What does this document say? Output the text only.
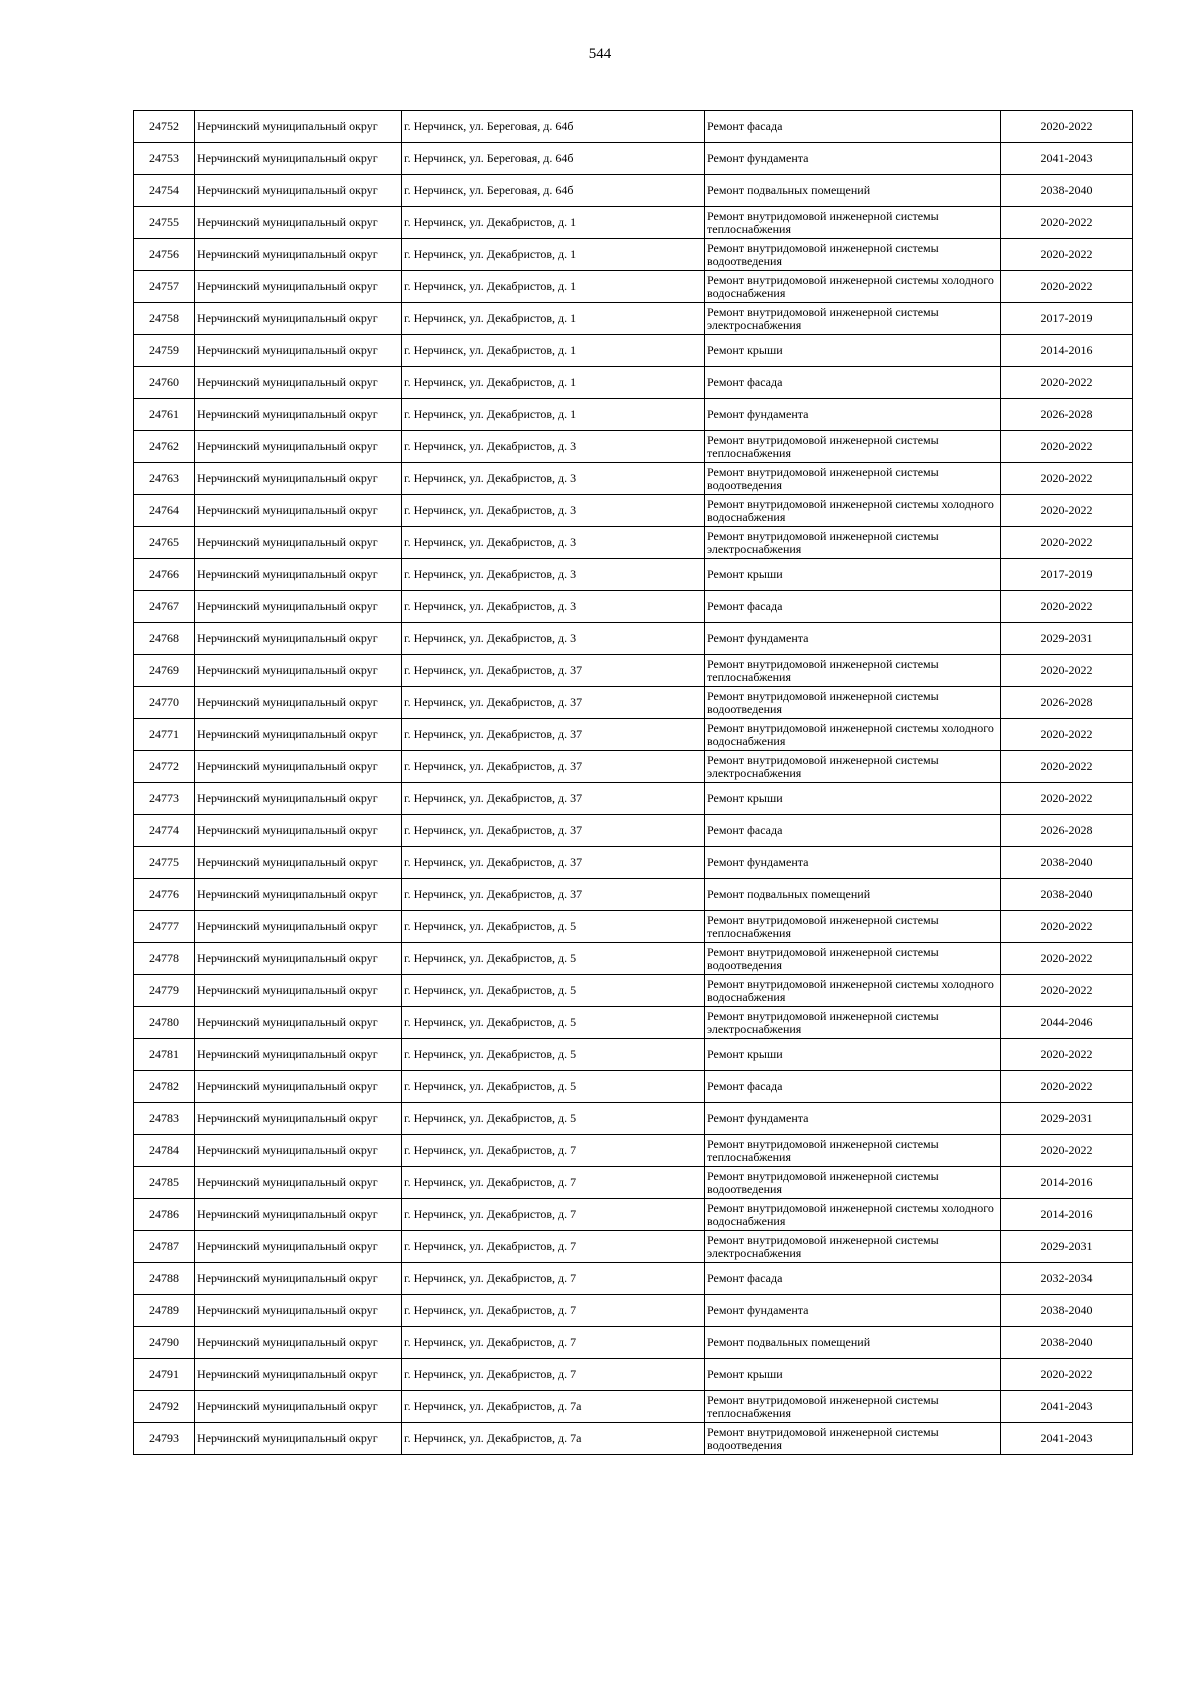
544
24752	Нерчинский муниципальный округ	г. Нерчинск, ул. Береговая, д. 64б	Ремонт фасада	2020-2022
24753	Нерчинский муниципальный округ	г. Нерчинск, ул. Береговая, д. 64б	Ремонт фундамента	2041-2043
24754	Нерчинский муниципальный округ	г. Нерчинск, ул. Береговая, д. 64б	Ремонт подвальных помещений	2038-2040
24755	Нерчинский муниципальный округ	г. Нерчинск, ул. Декабристов, д. 1	Ремонт внутридомовой инженерной системы теплоснабжения	2020-2022
24756	Нерчинский муниципальный округ	г. Нерчинск, ул. Декабристов, д. 1	Ремонт внутридомовой инженерной системы водоотведения	2020-2022
24757	Нерчинский муниципальный округ	г. Нерчинск, ул. Декабристов, д. 1	Ремонт внутридомовой инженерной системы холодного водоснабжения	2020-2022
24758	Нерчинский муниципальный округ	г. Нерчинск, ул. Декабристов, д. 1	Ремонт внутридомовой инженерной системы электроснабжения	2017-2019
24759	Нерчинский муниципальный округ	г. Нерчинск, ул. Декабристов, д. 1	Ремонт крыши	2014-2016
24760	Нерчинский муниципальный округ	г. Нерчинск, ул. Декабристов, д. 1	Ремонт фасада	2020-2022
24761	Нерчинский муниципальный округ	г. Нерчинск, ул. Декабристов, д. 1	Ремонт фундамента	2026-2028
24762	Нерчинский муниципальный округ	г. Нерчинск, ул. Декабристов, д. 3	Ремонт внутридомовой инженерной системы теплоснабжения	2020-2022
24763	Нерчинский муниципальный округ	г. Нерчинск, ул. Декабристов, д. 3	Ремонт внутридомовой инженерной системы водоотведения	2020-2022
24764	Нерчинский муниципальный округ	г. Нерчинск, ул. Декабристов, д. 3	Ремонт внутридомовой инженерной системы холодного водоснабжения	2020-2022
24765	Нерчинский муниципальный округ	г. Нерчинск, ул. Декабристов, д. 3	Ремонт внутридомовой инженерной системы электроснабжения	2020-2022
24766	Нерчинский муниципальный округ	г. Нерчинск, ул. Декабристов, д. 3	Ремонт крыши	2017-2019
24767	Нерчинский муниципальный округ	г. Нерчинск, ул. Декабристов, д. 3	Ремонт фасада	2020-2022
24768	Нерчинский муниципальный округ	г. Нерчинск, ул. Декабристов, д. 3	Ремонт фундамента	2029-2031
24769	Нерчинский муниципальный округ	г. Нерчинск, ул. Декабристов, д. 37	Ремонт внутридомовой инженерной системы теплоснабжения	2020-2022
24770	Нерчинский муниципальный округ	г. Нерчинск, ул. Декабристов, д. 37	Ремонт внутридомовой инженерной системы водоотведения	2026-2028
24771	Нерчинский муниципальный округ	г. Нерчинск, ул. Декабристов, д. 37	Ремонт внутридомовой инженерной системы холодного водоснабжения	2020-2022
24772	Нерчинский муниципальный округ	г. Нерчинск, ул. Декабристов, д. 37	Ремонт внутридомовой инженерной системы электроснабжения	2020-2022
24773	Нерчинский муниципальный округ	г. Нерчинск, ул. Декабристов, д. 37	Ремонт крыши	2020-2022
24774	Нерчинский муниципальный округ	г. Нерчинск, ул. Декабристов, д. 37	Ремонт фасада	2026-2028
24775	Нерчинский муниципальный округ	г. Нерчинск, ул. Декабристов, д. 37	Ремонт фундамента	2038-2040
24776	Нерчинский муниципальный округ	г. Нерчинск, ул. Декабристов, д. 37	Ремонт подвальных помещений	2038-2040
24777	Нерчинский муниципальный округ	г. Нерчинск, ул. Декабристов, д. 5	Ремонт внутридомовой инженерной системы теплоснабжения	2020-2022
24778	Нерчинский муниципальный округ	г. Нерчинск, ул. Декабристов, д. 5	Ремонт внутридомовой инженерной системы водоотведения	2020-2022
24779	Нерчинский муниципальный округ	г. Нерчинск, ул. Декабристов, д. 5	Ремонт внутридомовой инженерной системы холодного водоснабжения	2020-2022
24780	Нерчинский муниципальный округ	г. Нерчинск, ул. Декабристов, д. 5	Ремонт внутридомовой инженерной системы электроснабжения	2044-2046
24781	Нерчинский муниципальный округ	г. Нерчинск, ул. Декабристов, д. 5	Ремонт крыши	2020-2022
24782	Нерчинский муниципальный округ	г. Нерчинск, ул. Декабристов, д. 5	Ремонт фасада	2020-2022
24783	Нерчинский муниципальный округ	г. Нерчинск, ул. Декабристов, д. 5	Ремонт фундамента	2029-2031
24784	Нерчинский муниципальный округ	г. Нерчинск, ул. Декабристов, д. 7	Ремонт внутридомовой инженерной системы теплоснабжения	2020-2022
24785	Нерчинский муниципальный округ	г. Нерчинск, ул. Декабристов, д. 7	Ремонт внутридомовой инженерной системы водоотведения	2014-2016
24786	Нерчинский муниципальный округ	г. Нерчинск, ул. Декабристов, д. 7	Ремонт внутридомовой инженерной системы холодного водоснабжения	2014-2016
24787	Нерчинский муниципальный округ	г. Нерчинск, ул. Декабристов, д. 7	Ремонт внутридомовой инженерной системы электроснабжения	2029-2031
24788	Нерчинский муниципальный округ	г. Нерчинск, ул. Декабристов, д. 7	Ремонт фасада	2032-2034
24789	Нерчинский муниципальный округ	г. Нерчинск, ул. Декабристов, д. 7	Ремонт фундамента	2038-2040
24790	Нерчинский муниципальный округ	г. Нерчинск, ул. Декабристов, д. 7	Ремонт подвальных помещений	2038-2040
24791	Нерчинский муниципальный округ	г. Нерчинск, ул. Декабристов, д. 7	Ремонт крыши	2020-2022
24792	Нерчинский муниципальный округ	г. Нерчинск, ул. Декабристов, д. 7а	Ремонт внутридомовой инженерной системы теплоснабжения	2041-2043
24793	Нерчинский муниципальный округ	г. Нерчинск, ул. Декабристов, д. 7а	Ремонт внутридомовой инженерной системы водоотведения	2041-2043
